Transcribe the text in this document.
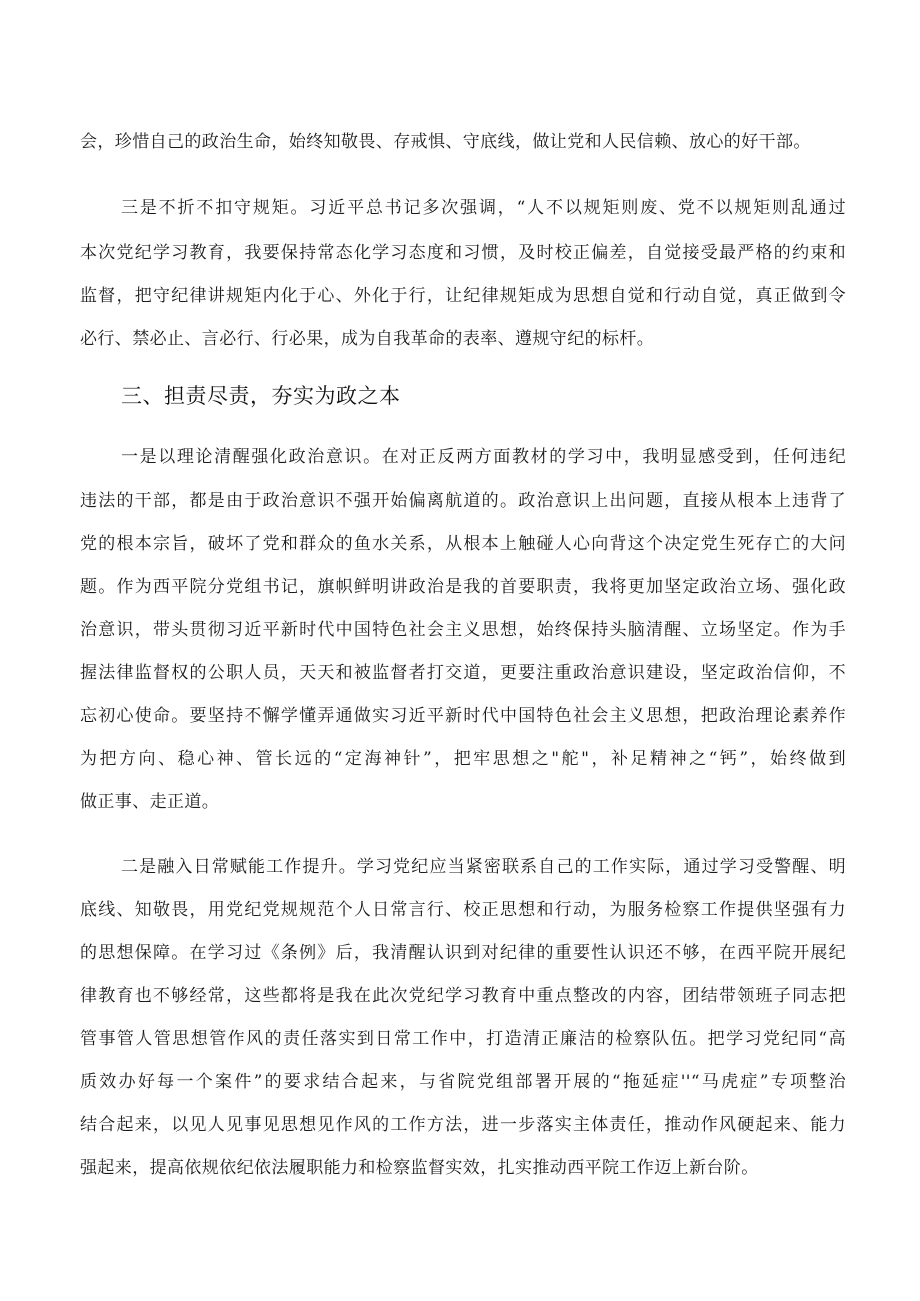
会，珍惜自己的政治生命，始终知敬畏、存戒惧、守底线，做让党和人民信赖、放心的好干部。
三是不折不扣守规矩。习近平总书记多次强调，“人不以规矩则废、党不以规矩则乱通过
本次党纪学习教育，我要保持常态化学习态度和习惯，及时校正偏差，自觉接受最严格的约束和
监督，把守纪律讲规矩内化于心、外化于行，让纪律规矩成为思想自觉和行动自觉，真正做到令
必行、禁必止、言必行、行必果，成为自我革命的表率、遵规守纪的标杆。
三、担责尽责，夯实为政之本
一是以理论清醒强化政治意识。在对正反两方面教材的学习中，我明显感受到，任何违纪
违法的干部，都是由于政治意识不强开始偏离航道的。政治意识上出问题，直接从根本上违背了
党的根本宗旨，破坏了党和群众的鱼水关系，从根本上触碰人心向背这个决定党生死存亡的大问
题。作为西平院分党组书记，旗帜鲜明讲政治是我的首要职责，我将更加坚定政治立场、强化政
治意识，带头贯彻习近平新时代中国特色社会主义思想，始终保持头脑清醒、立场坚定。作为手
握法律监督权的公职人员，天天和被监督者打交道，更要注重政治意识建设，坚定政治信仰，不
忘初心使命。要坚持不懈学懂弄通做实习近平新时代中国特色社会主义思想，把政治理论素养作
为把方向、稳心神、管长远的“定海神针”，把牢思想之"舵"，补足精神之“钙”，始终做到
做正事、走正道。
二是融入日常赋能工作提升。学习党纪应当紧密联系自己的工作实际，通过学习受警醒、明
底线、知敬畏，用党纪党规规范个人日常言行、校正思想和行动，为服务检察工作提供坚强有力
的思想保障。在学习过《条例》后，我清醒认识到对纪律的重要性认识还不够，在西平院开展纪
律教育也不够经常，这些都将是我在此次党纪学习教育中重点整改的内容，团结带领班子同志把
管事管人管思想管作风的责任落实到日常工作中，打造清正廉洁的检察队伍。把学习党纪同“高
质效办好每一个案件”的要求结合起来，与省院党组部署开展的“拖延症''“马虎症”专项整治
结合起来，以见人见事见思想见作风的工作方法，进一步落实主体责任，推动作风硬起来、能力
强起来，提高依规依纪依法履职能力和检察监督实效，扎实推动西平院工作迈上新台阶。
